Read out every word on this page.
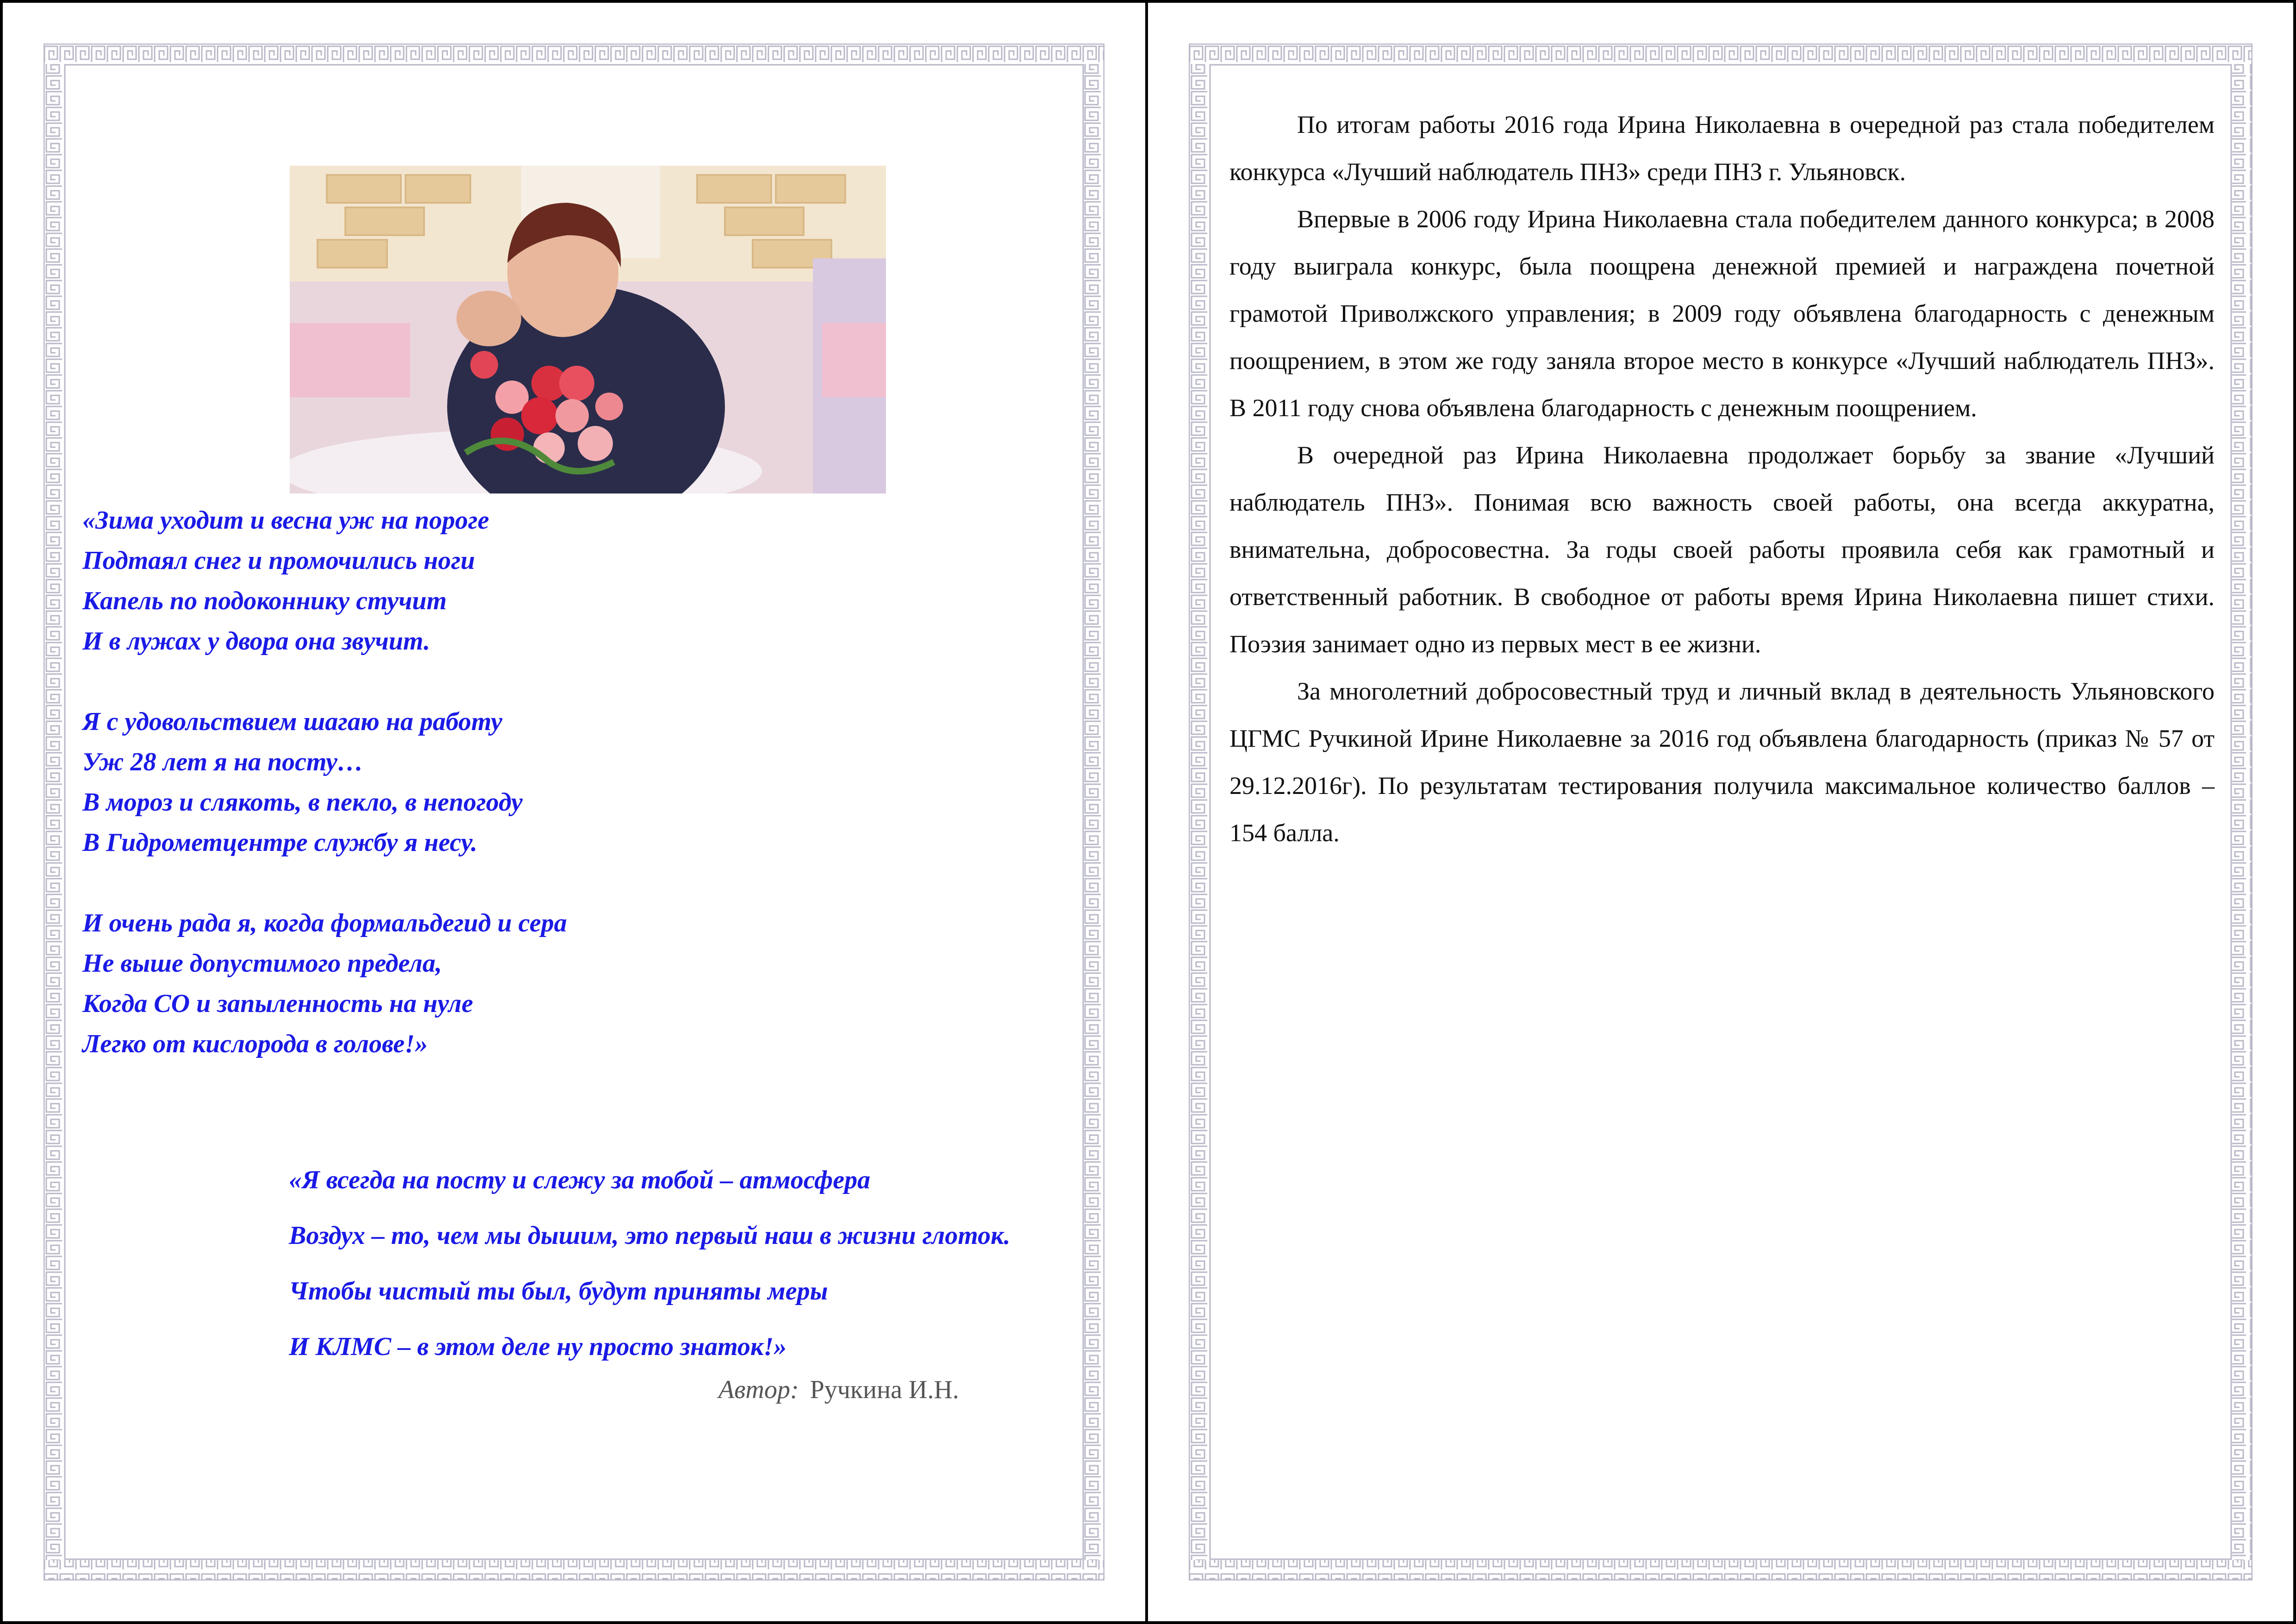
«Зима уходит и весна уж на пороге
Подтаял снег и промочились ноги
Капель по подоконнику стучит
И в лужах у двора она звучит.
Я с удовольствием шагаю на работу
Уж 28 лет я на посту…
В мороз и слякоть, в пекло, в непогоду
В Гидрометцентре службу я несу.
И очень рада я, когда формальдегид и сера
Не выше допустимого предела,
Когда СО и запыленность на нуле
Легко от кислорода в голове!»
«Я всегда на посту и слежу за тобой – атмосфера
Воздух – то, чем мы дышим, это первый наш в жизни глоток.
Чтобы чистый ты был, будут приняты меры
И КЛМС – в этом деле ну просто знаток!»
Автор: Ручкина И.Н.

По итогам работы 2016 года Ирина Николаевна в очередной раз стала победителем конкурса «Лучший наблюдатель ПНЗ» среди ПНЗ г. Ульяновск.

Впервые в 2006 году Ирина Николаевна стала победителем данного конкурса; в 2008 году выиграла конкурс, была поощрена денежной премией и награждена почетной грамотой Приволжского управления; в 2009 году объявлена благодарность с денежным поощрением, в этом же году заняла второе место в конкурсе «Лучший наблюдатель ПНЗ». В 2011 году снова объявлена благодарность с денежным поощрением.

В очередной раз Ирина Николаевна продолжает борьбу за звание «Лучший наблюдатель ПНЗ». Понимая всю важность своей работы, она всегда аккуратна, внимательна, добросовестна. За годы своей работы проявила себя как грамотный и ответственный работник. В свободное от работы время Ирина Николаевна пишет стихи. Поэзия занимает одно из первых мест в ее жизни.

За многолетний добросовестный труд и личный вклад в деятельность Ульяновского ЦГМС Ручкиной Ирине Николаевне за 2016 год объявлена благодарность (приказ № 57 от 29.12.2016г). По результатам тестирования получила максимальное количество баллов – 154 балла.
